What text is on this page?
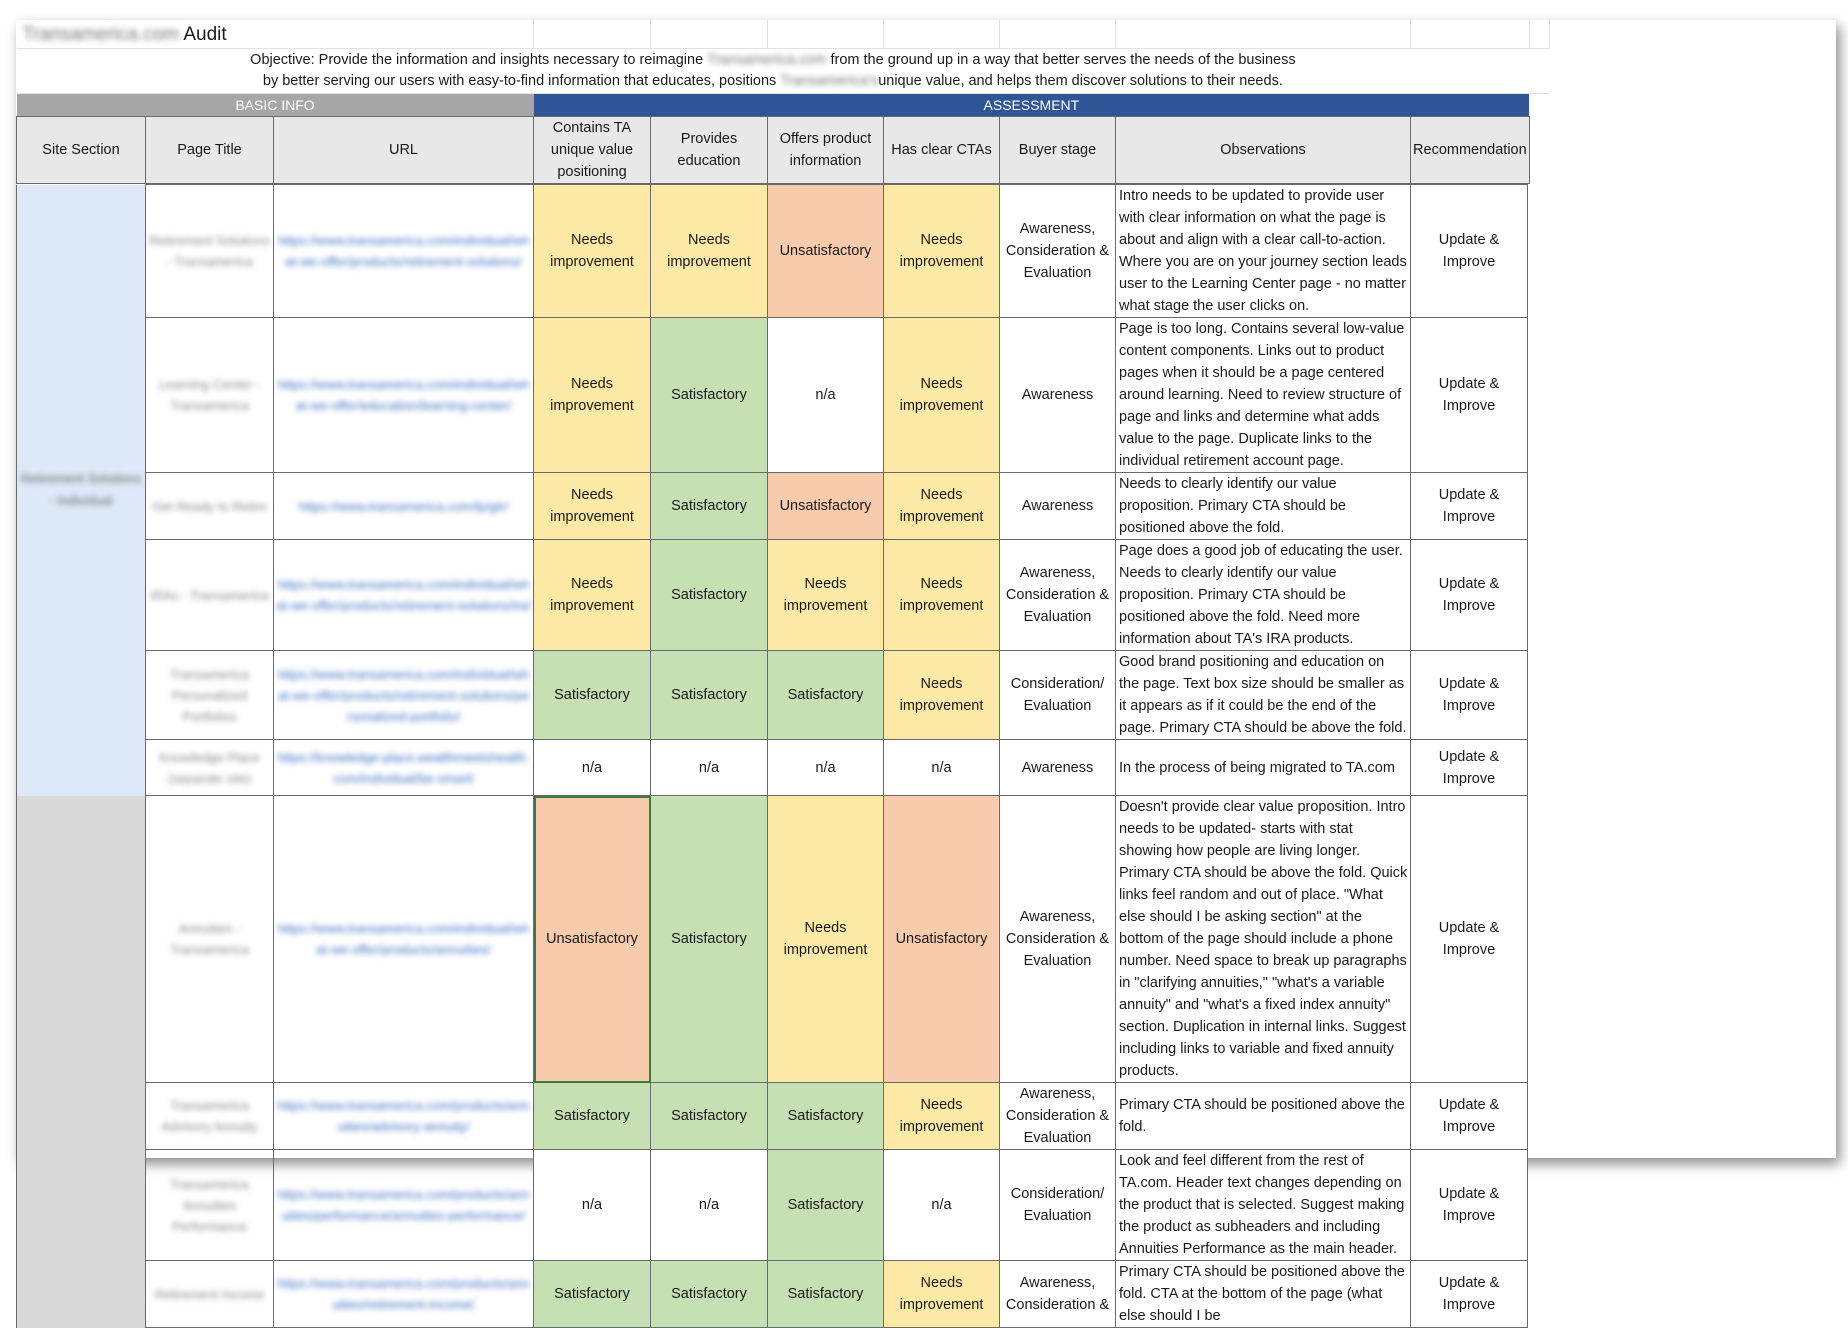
Transamerica.com Audit										

Objective: Provide the information and insights necessary to reimagine Transamerica.com from the ground up in a way that better serves the needs of the business
by better serving our users with easy-to-find information that educates, positions Transamerica'sunique value, and helps them discover solutions to their needs.										

BASIC INFO			ASSESSMENT							
Site Section	Page Title	URL	Contains TA unique value positioning	Provides education	Offers product information	Has clear CTAs	Buyer stage	Observations	Recommendation	
Retirement Solutions - Individual	Retirement Solutions - Transamerica	https://www.transamerica.com/individual/what-we-offer/products/retirement-solutions/	Needs improvement	Needs improvement	Unsatisfactory	Needs improvement	Awareness, Consideration & Evaluation	Intro needs to be updated to provide user with clear information on what the page is about and align with a clear call-to-action. Where you are on your journey section leads user to the Learning Center page - no matter what stage the user clicks on.	Update & Improve	
	Learning Center - Transamerica	https://www.transamerica.com/individual/what-we-offer/education/learning-center/	Needs improvement	Satisfactory	n/a	Needs improvement	Awareness	Page is too long. Contains several low-value content components. Links out to product pages when it should be a page centered around learning. Need to review structure of page and links and determine what adds value to the page. Duplicate links to the individual retirement account page.	Update & Improve	
	Get Ready to Retire	https://www.transamerica.com/lp/gtr/	Needs improvement	Satisfactory	Unsatisfactory	Needs improvement	Awareness	Needs to clearly identify our value proposition. Primary CTA should be positioned above the fold.	Update & Improve	
	IRAs - Transamerica	https://www.transamerica.com/individual/what-we-offer/products/retirement-solutions/ira/	Needs improvement	Satisfactory	Needs improvement	Needs improvement	Awareness, Consideration & Evaluation	Page does a good job of educating the user. Needs to clearly identify our value proposition. Primary CTA should be positioned above the fold. Need more information about TA's IRA products.	Update & Improve	
	Transamerica Personalized Portfolios	https://www.transamerica.com/individual/what-we-offer/products/retirement-solutions/personalized-portfolio/	Satisfactory	Satisfactory	Satisfactory	Needs improvement	Consideration/ Evaluation	Good brand positioning and education on the page. Text box size should be smaller as it appears as if it could be the end of the page. Primary CTA should be above the fold.	Update & Improve	
	Knowledge Place (separate site)	https://knowledge-place.wealthmeetshealth.com/individual/be-smart/	n/a	n/a	n/a	n/a	Awareness	In the process of being migrated to TA.com	Update & Improve	
	Annuities - Transamerica	https://www.transamerica.com/individual/what-we-offer/products/annuities/	Unsatisfactory	Satisfactory	Needs improvement	Unsatisfactory	Awareness, Consideration & Evaluation	Doesn't provide clear value proposition. Intro needs to be updated- starts with stat showing how people are living longer. Primary CTA should be above the fold. Quick links feel random and out of place. "What else should I be asking section" at the bottom of the page should include a phone number. Need space to break up paragraphs in "clarifying annuities," "what's a variable annuity" and "what's a fixed index annuity" section. Duplication in internal links. Suggest including links to variable and fixed annuity products.	Update & Improve	
	Transamerica Advisory Annuity	https://www.transamerica.com/products/annuities/advisory-annuity/	Satisfactory	Satisfactory	Satisfactory	Needs improvement	Awareness, Consideration & Evaluation	Primary CTA should be positioned above the fold.	Update & Improve	
	Transamerica Annuities Performance	https://www.transamerica.com/products/annuities/performance/annuities-performance/	n/a	n/a	Satisfactory	n/a	Consideration/ Evaluation	Look and feel different from the rest of TA.com. Header text changes depending on the product that is selected. Suggest making the product as subheaders and including Annuities Performance as the main header.	Update & Improve	
	Retirement Income	https://www.transamerica.com/products/annuities/retirement-income/	Satisfactory	Satisfactory	Satisfactory	Needs improvement	Awareness, Consideration &	Primary CTA should be positioned above the fold. CTA at the bottom of the page (what else should I be	Update & Improve	
